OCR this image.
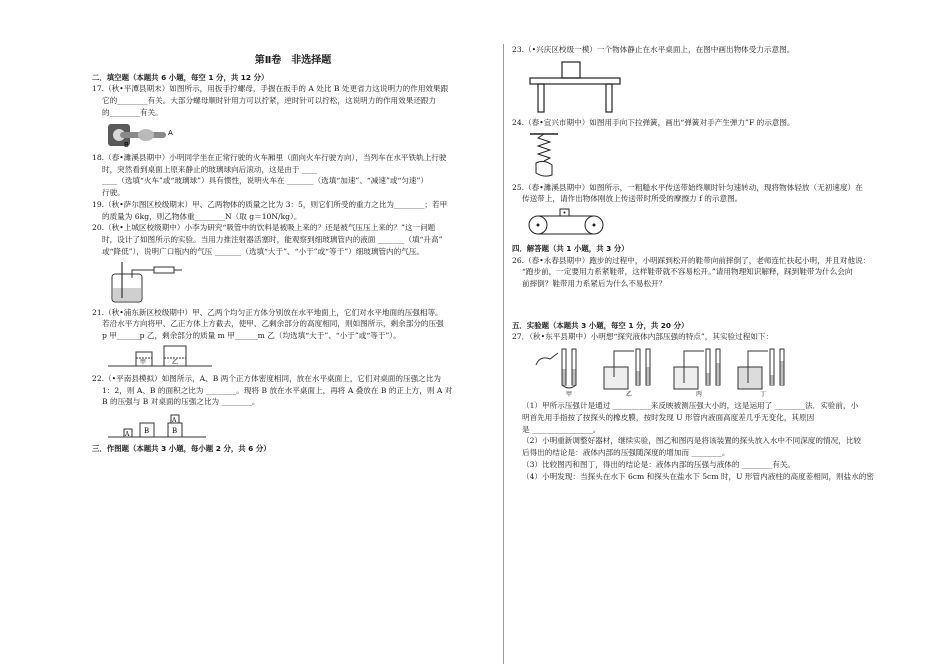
第Ⅱ卷　非选择题

二．填空题（本题共 6 小题，每空 1 分，共 12 分）

17.（秋•平潭县期末）如图所示，用扳手拧螺母，手握在扳手的 A 处比 B 处更省力这说明力的作用效果跟

它的________有关。大部分螺母顺时针用力可以拧紧，逆时针可以拧松，这说明力的作用效果还跟力

的________有关。

B
A

18.（春•濉溪县期中）小明同学坐在正常行驶的火车厢里（面向火车行驶方向），当列车在水平铁轨上行驶

时，突然看到桌面上原来静止的玻璃球向后滚动，这是由于 ____

____（选填“火车”或“玻璃球”）具有惯性，说明火车在 _______（选填“加速”、“减速”或“匀速”）

行驶。

19.（秋•萨尔图区校级期末）甲、乙两物体的质量之比为 3：5，则它们所受的重力之比为________；若甲

的质量为 6kg，则乙物体重________N（取 g＝10N/kg）。

20.（秋•上城区校级期中）小李为研究“吸管中的饮料是被吸上来的？还是被气压压上来的？”这一问题

时，设计了如图所示的实验。当用力推注射器活塞时，能观察到细玻璃管内的液面 _______（填“升高”

或“降低”），说明广口瓶内的气压 _______（选填“大于”、“小于”或“等于”）细玻璃管内的气压。

21.（秋•浦东新区校级期中）甲、乙两个均匀正方体分别放在水平地面上，它们对水平地面的压强相等。

若沿水平方向将甲、乙正方体上方截去，使甲、乙剩余部分的高度相同，则如图所示，剩余部分的压强

p 甲______p 乙，剩余部分的质量 m 甲______m 乙（均选填“大于”、“小于”或“等于”）。

甲	乙

22.（•平南县模拟）如图所示，A、B 两个正方体密度相同，放在水平桌面上，它们对桌面的压强之比为

1：2，则 A、B 的面积之比为 ________。现将 B 放在水平桌面上，再将 A 叠放在 B 的正上方，则 A 对

B 的压强与 B 对桌面的压强之比为 ________。

A B	B
A

三．作图题（本题共 3 小题，每小题 2 分，共 6 分）

23.（•兴庆区校级一模）一个物体静止在水平桌面上，在图中画出物体受力示意图。

24.（春•宜兴市期中）如图用手向下拉弹簧，画出“弹簧对手产生弹力”F 的示意图。

25.（春•濉溪县期中）如图所示，一粗糙水平传送带始终顺时针匀速转动，现将物体轻放（无初速度）在

传送带上，请作出物体刚放上传送带时所受的摩擦力 f 的示意图。

四．解答题（共 1 小题，共 3 分）

26.（春•永春县期中）跑步的过程中，小明踩到松开的鞋带向前摔倒了，老师连忙扶起小明，并且对他说：

“跑步前，一定要用力系紧鞋带，这样鞋带就不容易松开。”请用物理知识解释，踩到鞋带为什么会向

前摔倒？鞋带用力系紧后为什么不易松开？

五．实验题（本题共 3 小题，每空 1 分，共 20 分）

27．（秋•东平县期中）小明想“探究液体内部压强的特点”，其实验过程如下：

甲	乙	丙	丁

（1）甲所示压强计是通过 __________来反映被测压强大小的，这是运用了 ________法．实验前，小

明首先用手指按了按探头的橡皮膜，按时发现 U 形管内液面高度差几乎无变化，其原因

是 ________________。

（2）小明重新调整好器材，继续实验，图乙和图丙是将该装置的探头放入水中不同深度的情况，比较

后得出的结论是：液体内部的压强随深度的增加而 ________。

（3）比较图丙和图丁，得出的结论是：液体内部的压强与液体的 ________有关。

（4）小明发现：当探头在水下 6cm 和探头在盐水下 5cm 时，U 形管内液柱的高度差相同，则盐水的密
